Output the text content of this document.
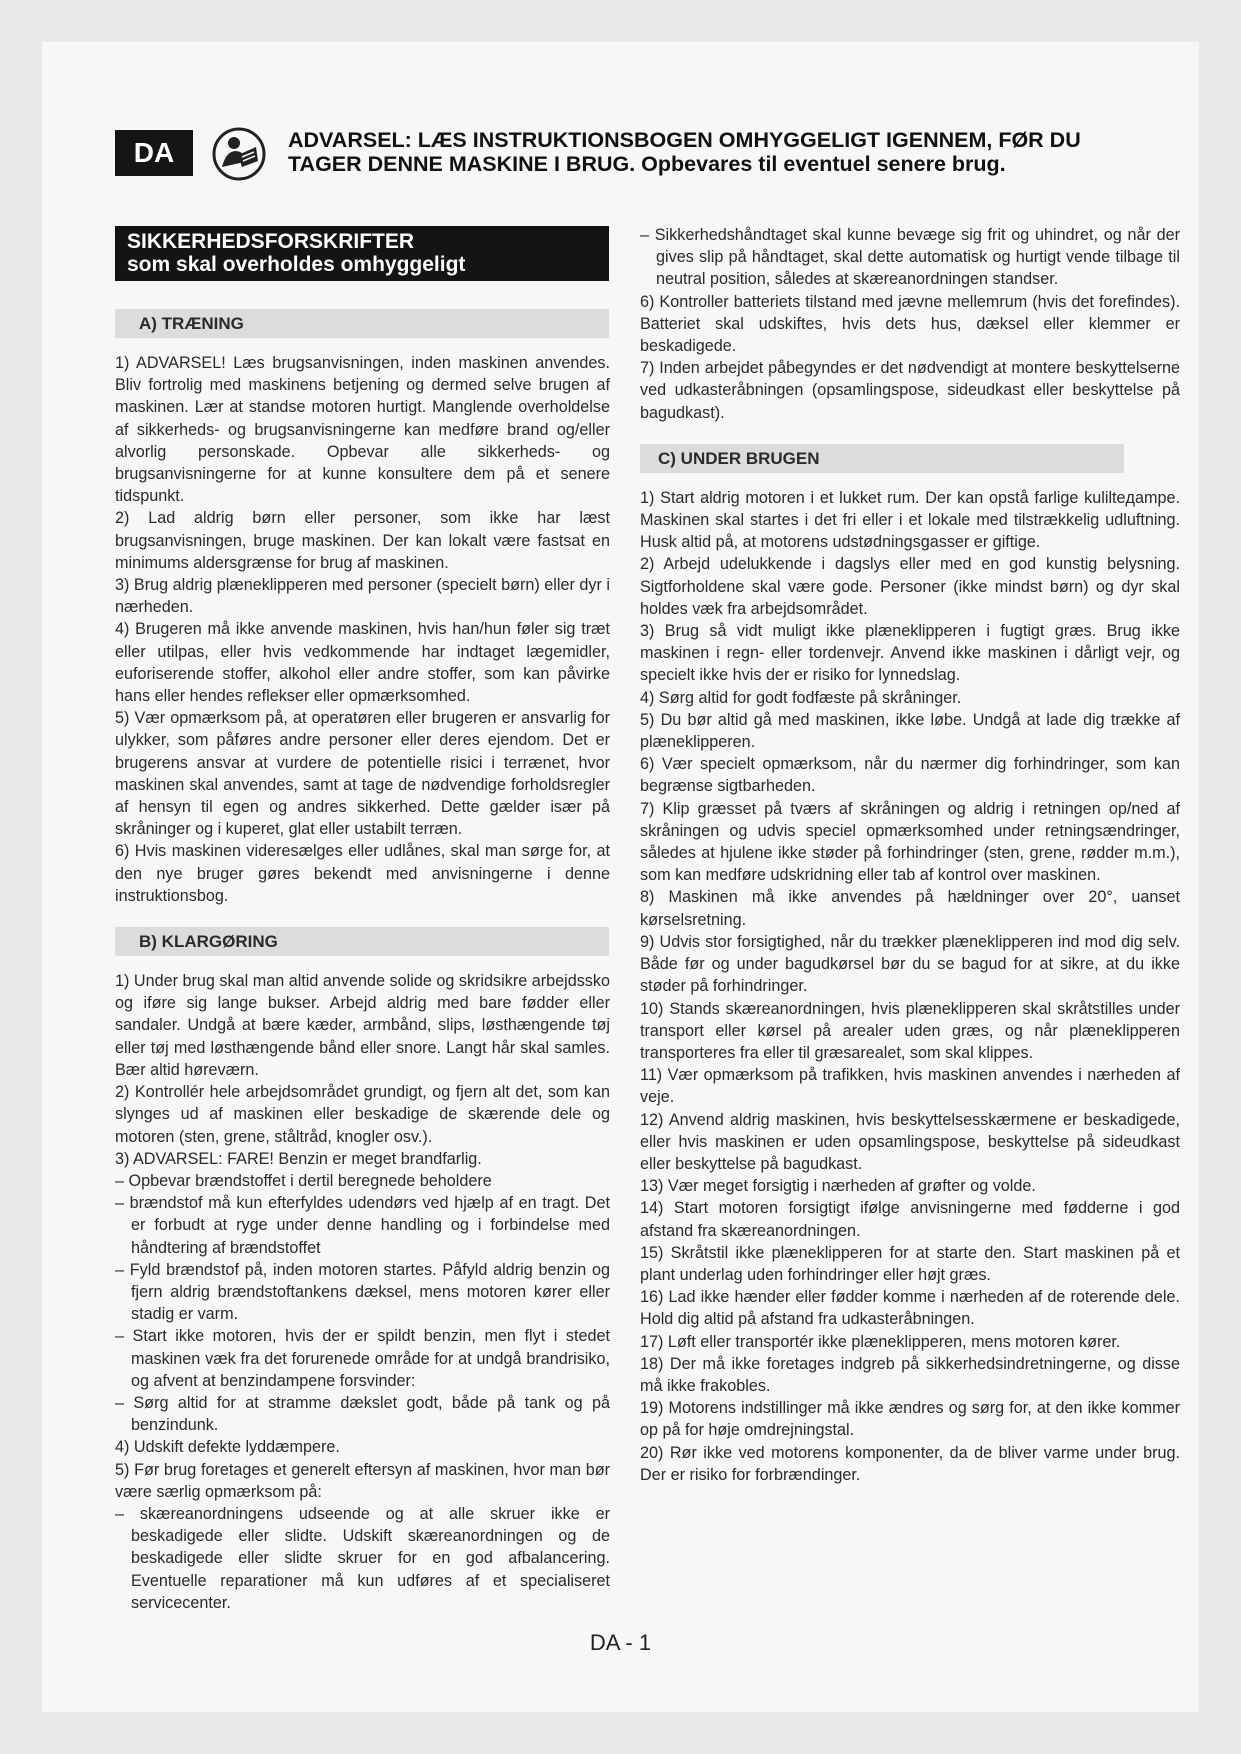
DA	ADVARSEL: LÆS INSTRUKTIONSBOGEN OMHYGGELIGT IGENNEM, FØR DU
TAGER DENNE MASKINE I BRUG. Opbevares til eventuel senere brug.
SIKKERHEDSFORSKRIFTER
som skal overholdes omhyggeligt
A) TRÆNING

1) ADVARSEL! Læs brugsanvisningen, inden maskinen anvendes. Bliv fortrolig med maskinens betjening og dermed selve brugen af maskinen. Lær at standse motoren hurtigt. Manglende overholdelse af sikkerheds- og brugsanvisningerne kan medføre brand og/eller alvorlig personskade. Opbevar alle sikkerheds- og brugsanvisningerne for at kunne konsultere dem på et senere tidspunkt.

2) Lad aldrig børn eller personer, som ikke har læst brugsanvisningen, bruge maskinen. Der kan lokalt være fastsat en minimums aldersgrænse for brug af maskinen.

3) Brug aldrig plæneklipperen med personer (specielt børn) eller dyr i nærheden.

4) Brugeren må ikke anvende maskinen, hvis han/hun føler sig træt eller utilpas, eller hvis vedkommende har indtaget lægemidler, euforiserende stoffer, alkohol eller andre stoffer, som kan påvirke hans eller hendes reflekser eller opmærksomhed.

5) Vær opmærksom på, at operatøren eller brugeren er ansvarlig for ulykker, som påføres andre personer eller deres ejendom. Det er brugerens ansvar at vurdere de potentielle risici i terrænet, hvor maskinen skal anvendes, samt at tage de nødvendige forholdsregler af hensyn til egen og andres sikkerhed. Dette gælder især på skråninger og i kuperet, glat eller ustabilt terræn.

6) Hvis maskinen videresælges eller udlånes, skal man sørge for, at den nye bruger gøres bekendt med anvisningerne i denne instruktionsbog.

B) KLARGØRING

1) Under brug skal man altid anvende solide og skridsikre arbejdssko og iføre sig lange bukser. Arbejd aldrig med bare fødder eller sandaler. Undgå at bære kæder, armbånd, slips, løsthængende tøj eller tøj med løsthængende bånd eller snore. Langt hår skal samles. Bær altid høreværn.

2) Kontrollér hele arbejdsområdet grundigt, og fjern alt det, som kan slynges ud af maskinen eller beskadige de skærende dele og motoren (sten, grene, ståltråd, knogler osv.).

3) ADVARSEL: FARE! Benzin er meget brandfarlig.

– Opbevar brændstoffet i dertil beregnede beholdere

– brændstof må kun efterfyldes udendørs ved hjælp af en tragt. Det er forbudt at ryge under denne handling og i forbindelse med håndtering af brændstoffet

– Fyld brændstof på, inden motoren startes. Påfyld aldrig benzin og fjern aldrig brændstoftankens dæksel, mens motoren kører eller stadig er varm.

– Start ikke motoren, hvis der er spildt benzin, men flyt i stedet maskinen væk fra det forurenede område for at undgå brandrisiko, og afvent at benzindampene forsvinder:

– Sørg altid for at stramme dækslet godt, både på tank og på benzindunk.

4) Udskift defekte lyddæmpere.

5) Før brug foretages et generelt eftersyn af maskinen, hvor man bør være særlig opmærksom på:

– skæreanordningens udseende og at alle skruer ikke er beskadigede eller slidte. Udskift skæreanordningen og de beskadigede eller slidte skruer for en god afbalancering. Eventuelle reparationer må kun udføres af et specialiseret servicecenter.

– Sikkerhedshåndtaget skal kunne bevæge sig frit og uhindret, og når der gives slip på håndtaget, skal dette automatisk og hurtigt vende tilbage til neutral position, således at skæreanordningen standser.

6) Kontroller batteriets tilstand med jævne mellemrum (hvis det forefindes). Batteriet skal udskiftes, hvis dets hus, dæksel eller klemmer er beskadigede.

7) Inden arbejdet påbegyndes er det nødvendigt at montere beskyttelserne ved udkasteråbningen (opsamlingspose, sideudkast eller beskyttelse på bagudkast).

C) UNDER BRUGEN

1) Start aldrig motoren i et lukket rum. Der kan opstå farlige kulilteдampe. Maskinen skal startes i det fri eller i et lokale med tilstrækkelig udluftning. Husk altid på, at motorens udstødningsgasser er giftige.

2) Arbejd udelukkende i dagslys eller med en god kunstig belysning. Sigtforholdene skal være gode. Personer (ikke mindst børn) og dyr skal holdes væk fra arbejdsområdet.

3) Brug så vidt muligt ikke plæneklipperen i fugtigt græs. Brug ikke maskinen i regn- eller tordenvejr. Anvend ikke maskinen i dårligt vejr, og specielt ikke hvis der er risiko for lynnedslag.

4) Sørg altid for godt fodfæste på skråninger.

5) Du bør altid gå med maskinen, ikke løbe. Undgå at lade dig trække af plæneklipperen.

6) Vær specielt opmærksom, når du nærmer dig forhindringer, som kan begrænse sigtbarheden.

7) Klip græsset på tværs af skråningen og aldrig i retningen op/ned af skråningen og udvis speciel opmærksomhed under retningsændringer, således at hjulene ikke støder på forhindringer (sten, grene, rødder m.m.), som kan medføre udskridning eller tab af kontrol over maskinen.

8) Maskinen må ikke anvendes på hældninger over 20°, uanset kørselsretning.

9) Udvis stor forsigtighed, når du trækker plæneklipperen ind mod dig selv. Både før og under bagudkørsel bør du se bagud for at sikre, at du ikke støder på forhindringer.

10) Stands skæreanordningen, hvis plæneklipperen skal skråtstilles under transport eller kørsel på arealer uden græs, og når plæneklipperen transporteres fra eller til græsarealet, som skal klippes.

11) Vær opmærksom på trafikken, hvis maskinen anvendes i nærheden af veje.

12) Anvend aldrig maskinen, hvis beskyttelsesskærmene er beskadigede, eller hvis maskinen er uden opsamlingspose, beskyttelse på sideudkast eller beskyttelse på bagudkast.

13) Vær meget forsigtig i nærheden af grøfter og volde.

14) Start motoren forsigtigt ifølge anvisningerne med fødderne i god afstand fra skæreanordningen.

15) Skråtstil ikke plæneklipperen for at starte den. Start maskinen på et plant underlag uden forhindringer eller højt græs.

16) Lad ikke hænder eller fødder komme i nærheden af de roterende dele. Hold dig altid på afstand fra udkasteråbningen.

17) Løft eller transportér ikke plæneklipperen, mens motoren kører.

18) Der må ikke foretages indgreb på sikkerhedsindretningerne, og disse må ikke frakobles.

19) Motorens indstillinger må ikke ændres og sørg for, at den ikke kommer op på for høje omdrejningstal.

20) Rør ikke ved motorens komponenter, da de bliver varme under brug. Der er risiko for forbrændinger.

DA - 1
